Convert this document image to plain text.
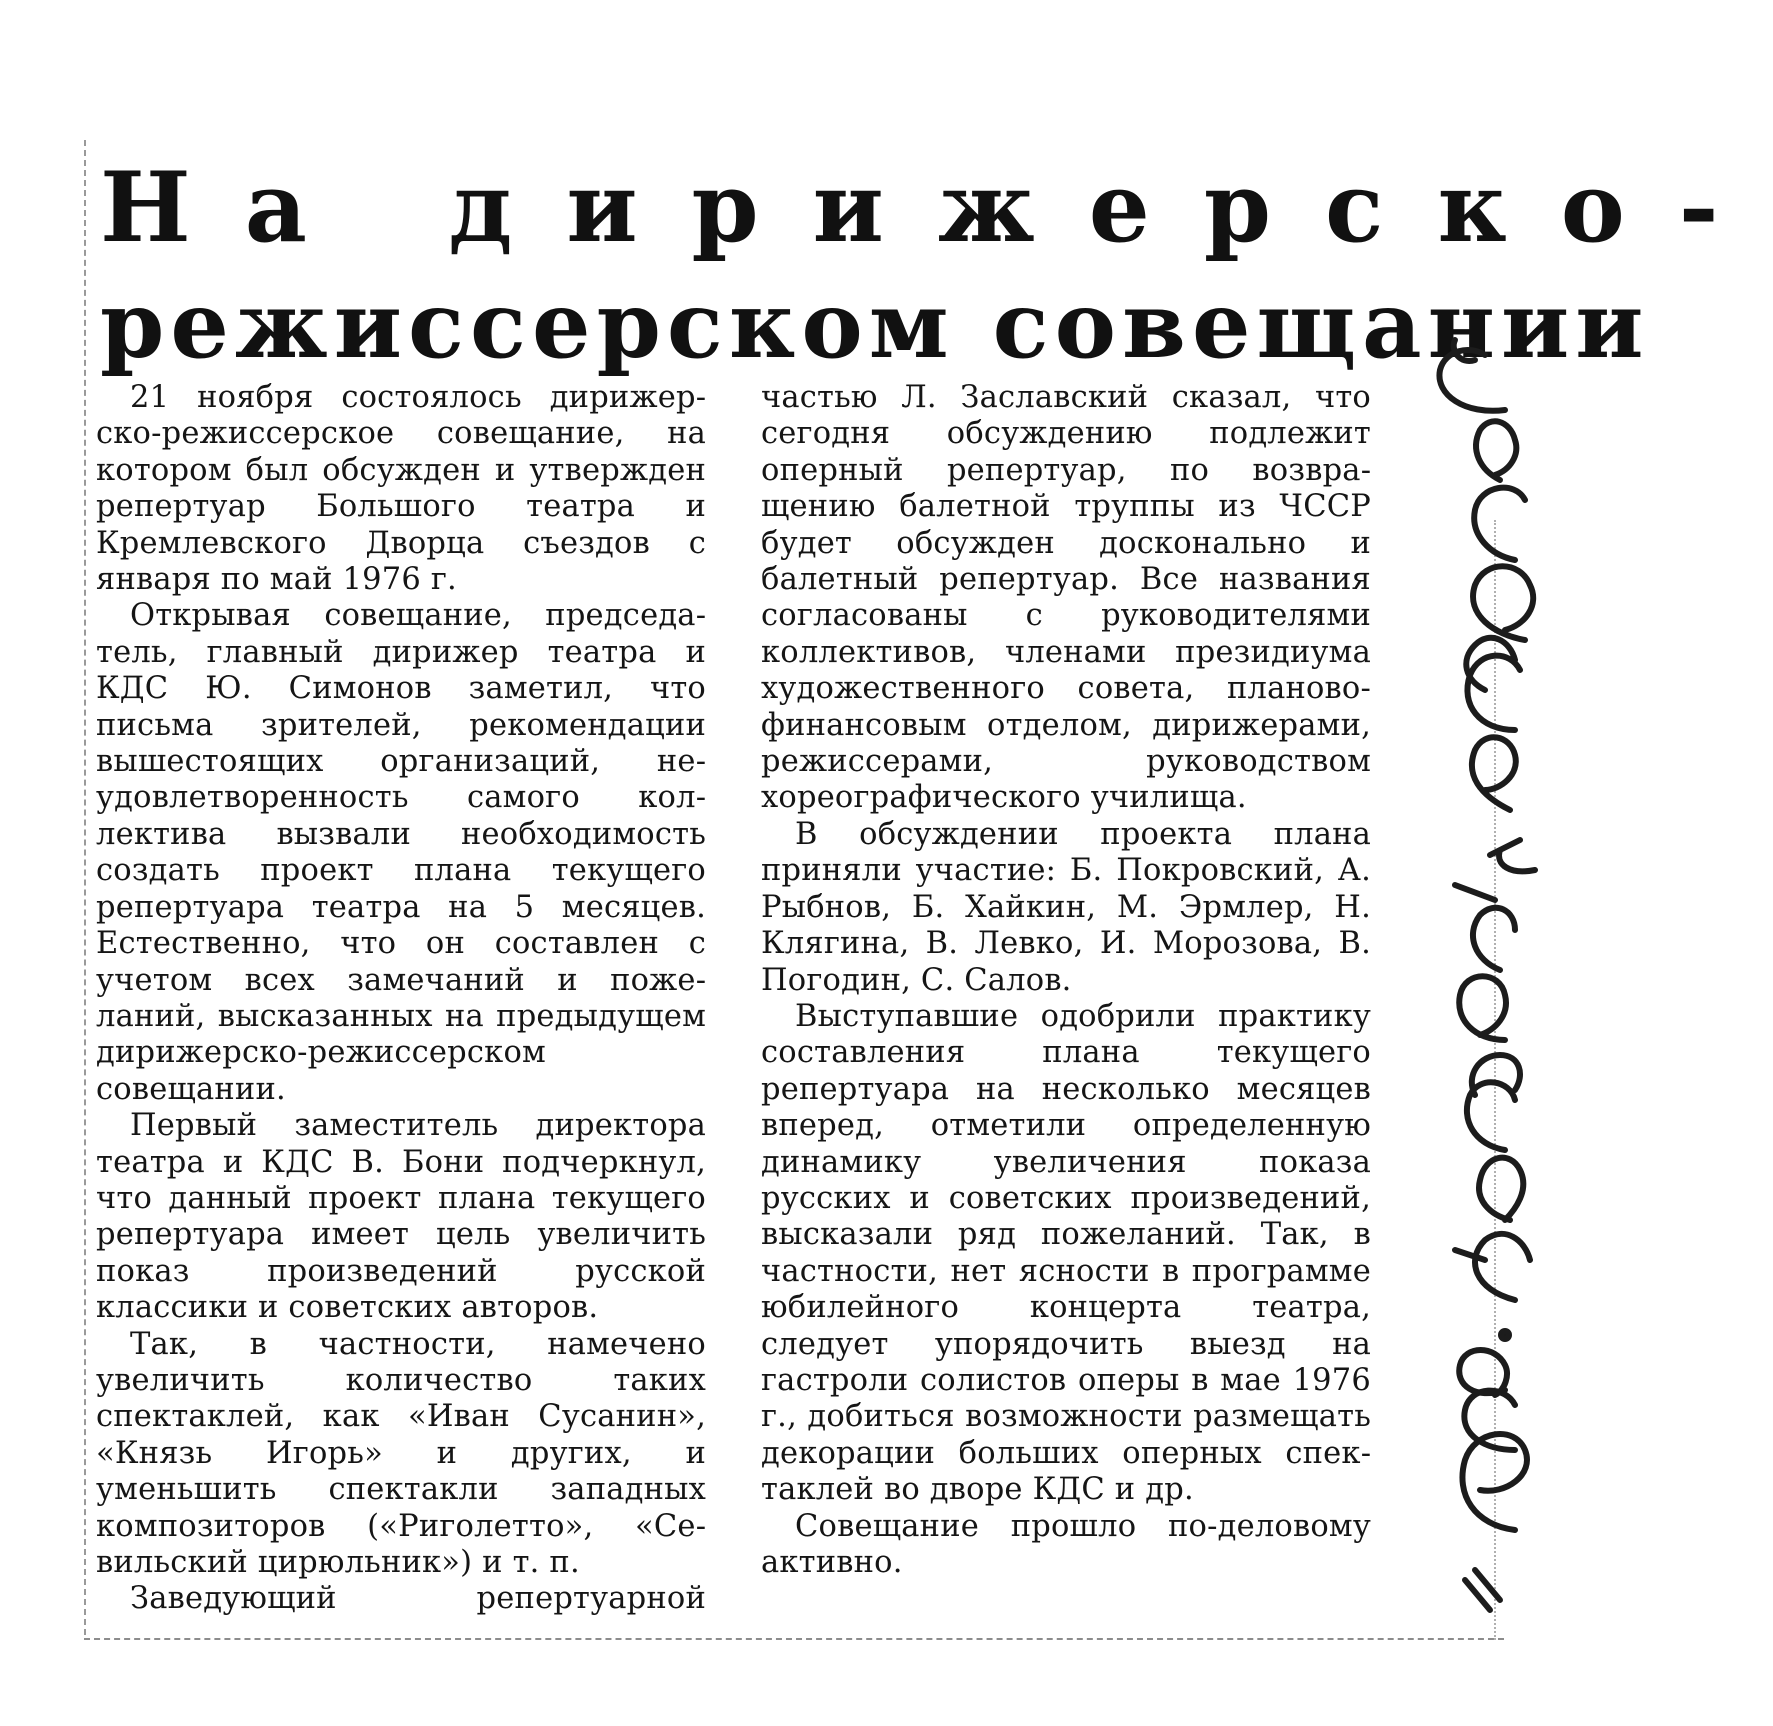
На дирижерско-
режиссерском совещании

21 ноября состоялось дирижерско-режиссерское совещание, на котором был обсужден и утвержден репертуар Большого театра и Кремлевского Дворца съездов с января по май 1976 г.

Открывая совещание, председатель, главный дирижер театра и КДС Ю. Симонов заметил, что письма зрителей, рекомендации вышестоящих организаций, неудовлетворенность самого коллектива вызвали необходимость создать проект плана текущего репертуара театра на 5 месяцев. Естественно, что он составлен с учетом всех замечаний и пожеланий, высказанных на предыдущем дирижерско-режиссерском совещании.

Первый заместитель директора театра и КДС В. Бони подчеркнул, что данный проект плана текущего репертуара имеет цель увеличить показ произведений русской классики и советских авторов.

Так, в частности, намечено увеличить количество таких спектаклей, как «Иван Сусанин», «Князь Игорь» и других, и уменьшить спектакли западных композиторов («Риголетто», «Севильский цирюльник») и т. п.

Заведующий репертуарной

частью Л. Заславский сказал, что сегодня обсуждению подлежит оперный репертуар, по возвращению балетной труппы из ЧССР будет обсужден досконально и балетный репертуар. Все названия согласованы с руководителями коллективов, членами президиума художественного совета, планово-финансовым отделом, дирижерами, режиссерами, руководством хореографического училища.

В обсуждении проекта плана приняли участие: Б. Покровский, А. Рыбнов, Б. Хайкин, М. Эрмлер, Н. Клягина, В. Левко, И. Морозова, В. Погодин, С. Салов.

Выступавшие одобрили практику составления плана текущего репертуара на несколько месяцев вперед, отметили определенную динамику увеличения показа русских и советских произведений, высказали ряд пожеланий. Так, в частности, нет ясности в программе юбилейного концерта театра, следует упорядочить выезд на гастроли солистов оперы в мае 1976 г., добиться возможности размещать декорации больших оперных спектаклей во дворе КДС и др.

Совещание прошло по-деловому активно.
